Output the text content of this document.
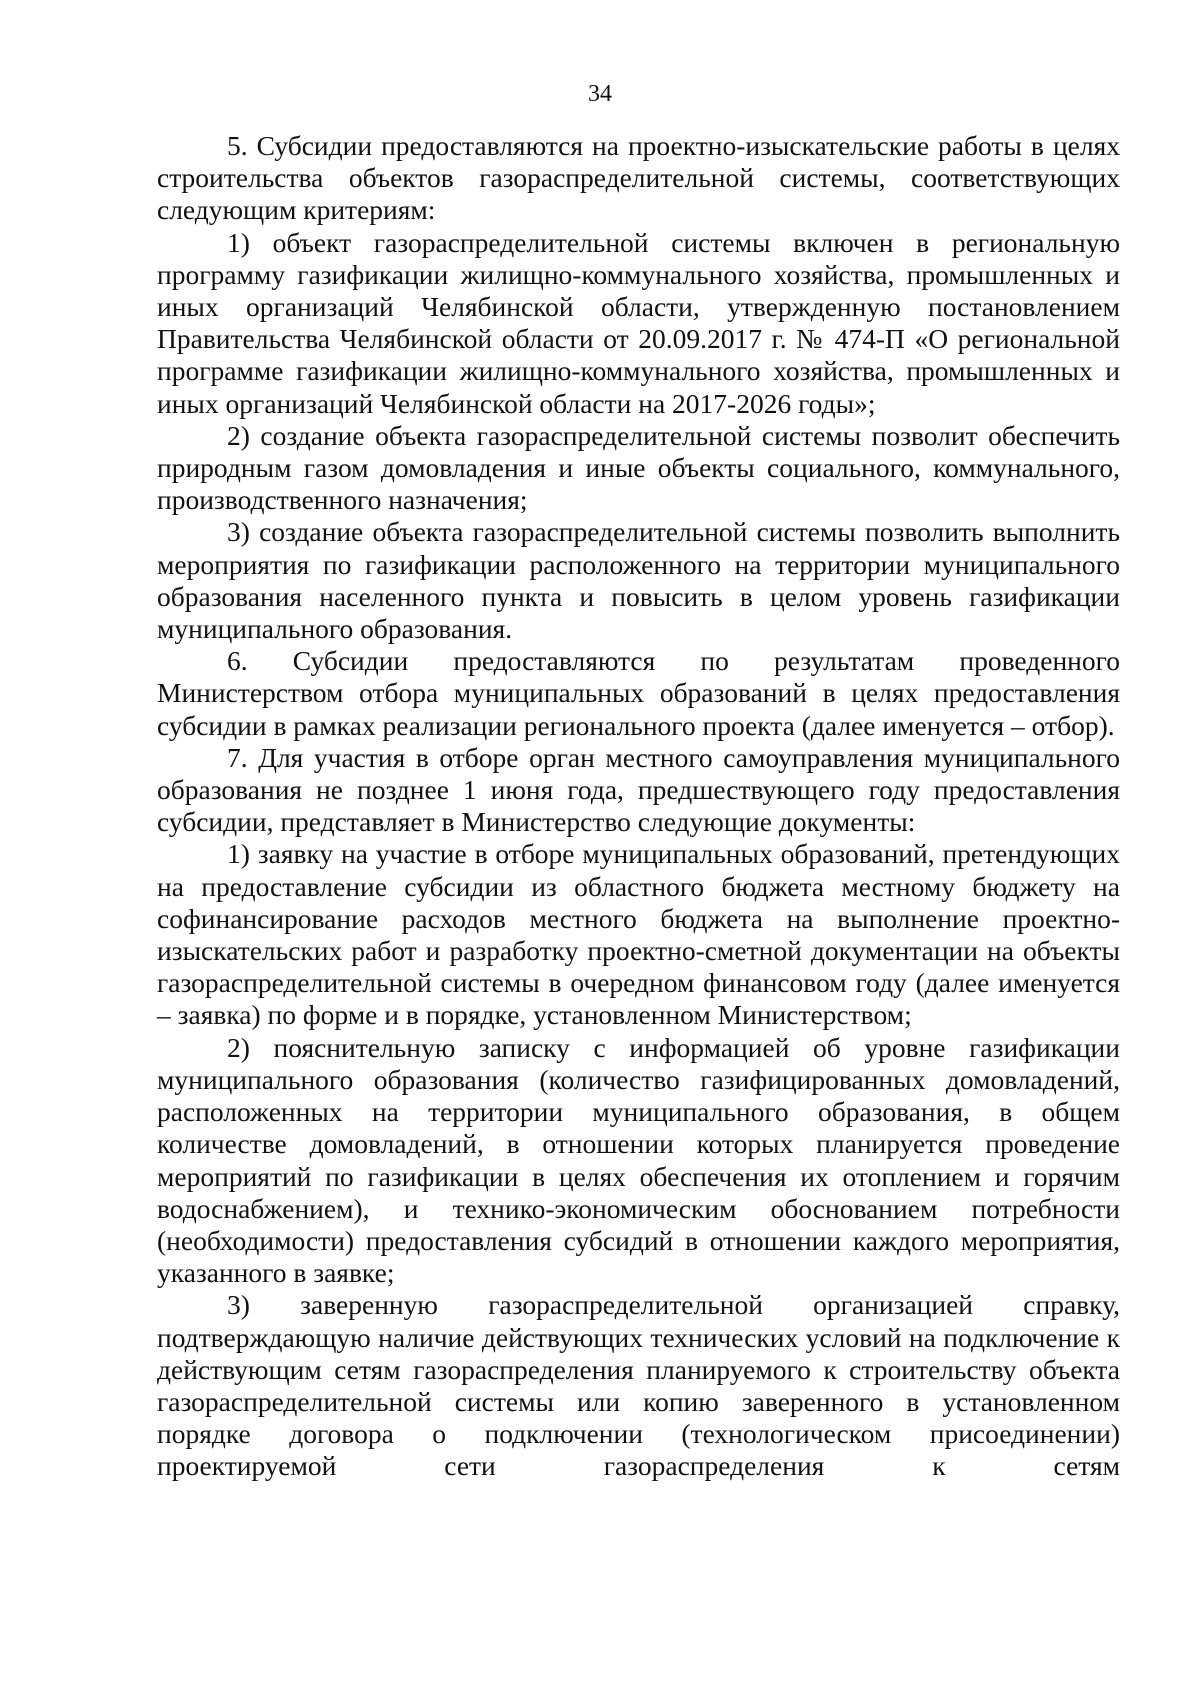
34

5. Субсидии предоставляются на проектно-изыскательские работы в целях строительства объектов газораспределительной системы, соответствующих следующим критериям:

1) объект газораспределительной системы включен в региональную программу газификации жилищно-коммунального хозяйства, промышленных и иных организаций Челябинской области, утвержденную постановлением Правительства Челябинской области от 20.09.2017 г. № 474-П «О региональной программе газификации жилищно-коммунального хозяйства, промышленных и иных организаций Челябинской области на 2017-2026 годы»;

2) создание объекта газораспределительной системы позволит обеспечить природным газом домовладения и иные объекты социального, коммунального, производственного назначения;

3) создание объекта газораспределительной системы позволить выполнить мероприятия по газификации расположенного на территории муниципального образования населенного пункта и повысить в целом уровень газификации муниципального образования.

6. Субсидии предоставляются по результатам проведенного Министерством отбора муниципальных образований в целях предоставления субсидии в рамках реализации регионального проекта (далее именуется – отбор).

7. Для участия в отборе орган местного самоуправления муниципального образования не позднее 1 июня года, предшествующего году предоставления субсидии, представляет в Министерство следующие документы:

1) заявку на участие в отборе муниципальных образований, претендующих на предоставление субсидии из областного бюджета местному бюджету на софинансирование расходов местного бюджета на выполнение проектно-изыскательских работ и разработку проектно-сметной документации на объекты газораспределительной системы в очередном финансовом году (далее именуется – заявка) по форме и в порядке, установленном Министерством;

2) пояснительную записку с информацией об уровне газификации муниципального образования (количество газифицированных домовладений, расположенных на территории муниципального образования, в общем количестве домовладений, в отношении которых планируется проведение мероприятий по газификации в целях обеспечения их отоплением и горячим водоснабжением), и технико-экономическим обоснованием потребности (необходимости) предоставления субсидий в отношении каждого мероприятия, указанного в заявке;

3) заверенную газораспределительной организацией справку, подтверждающую наличие действующих технических условий на подключение к действующим сетям газораспределения планируемого к строительству объекта газораспределительной системы или копию заверенного в установленном порядке договора о подключении (технологическом присоединении) проектируемой сети газораспределения к сетям
